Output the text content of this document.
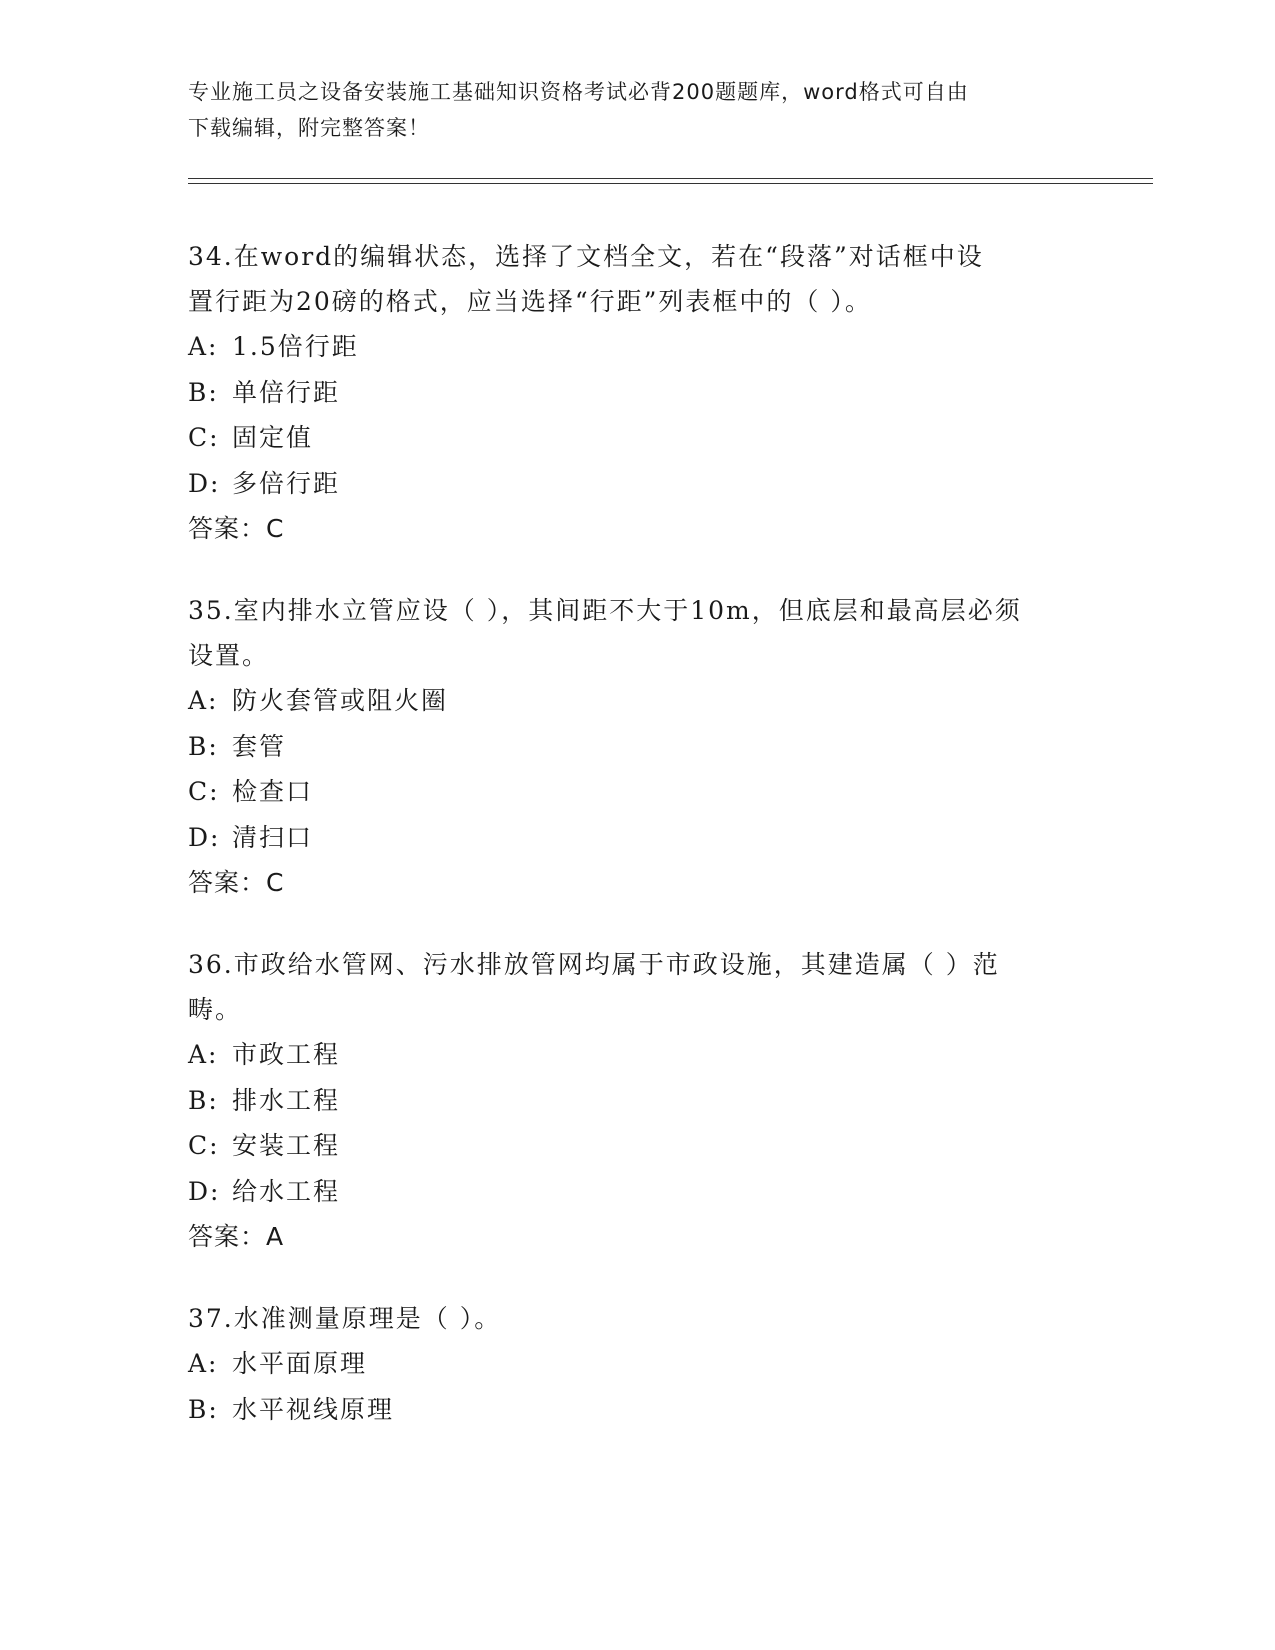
专业施工员之设备安装施工基础知识资格考试必背200题题库，word格式可自由
下载编辑，附完整答案！
34.在word的编辑状态，选择了文档全文，若在“段落”对话框中设
置行距为20磅的格式，应当选择“行距”列表框中的（ ）。
A: 1.5倍行距
B: 单倍行距
C: 固定值
D: 多倍行距
答案：C
35.室内排水立管应设（ ），其间距不大于10m，但底层和最高层必须
设置。
A: 防火套管或阻火圈
B: 套管
C: 检查口
D: 清扫口
答案：C
36.市政给水管网、污水排放管网均属于市政设施，其建造属（ ）范
畴。
A: 市政工程
B: 排水工程
C: 安装工程
D: 给水工程
答案：A
37.水准测量原理是（ ）。
A: 水平面原理
B: 水平视线原理
